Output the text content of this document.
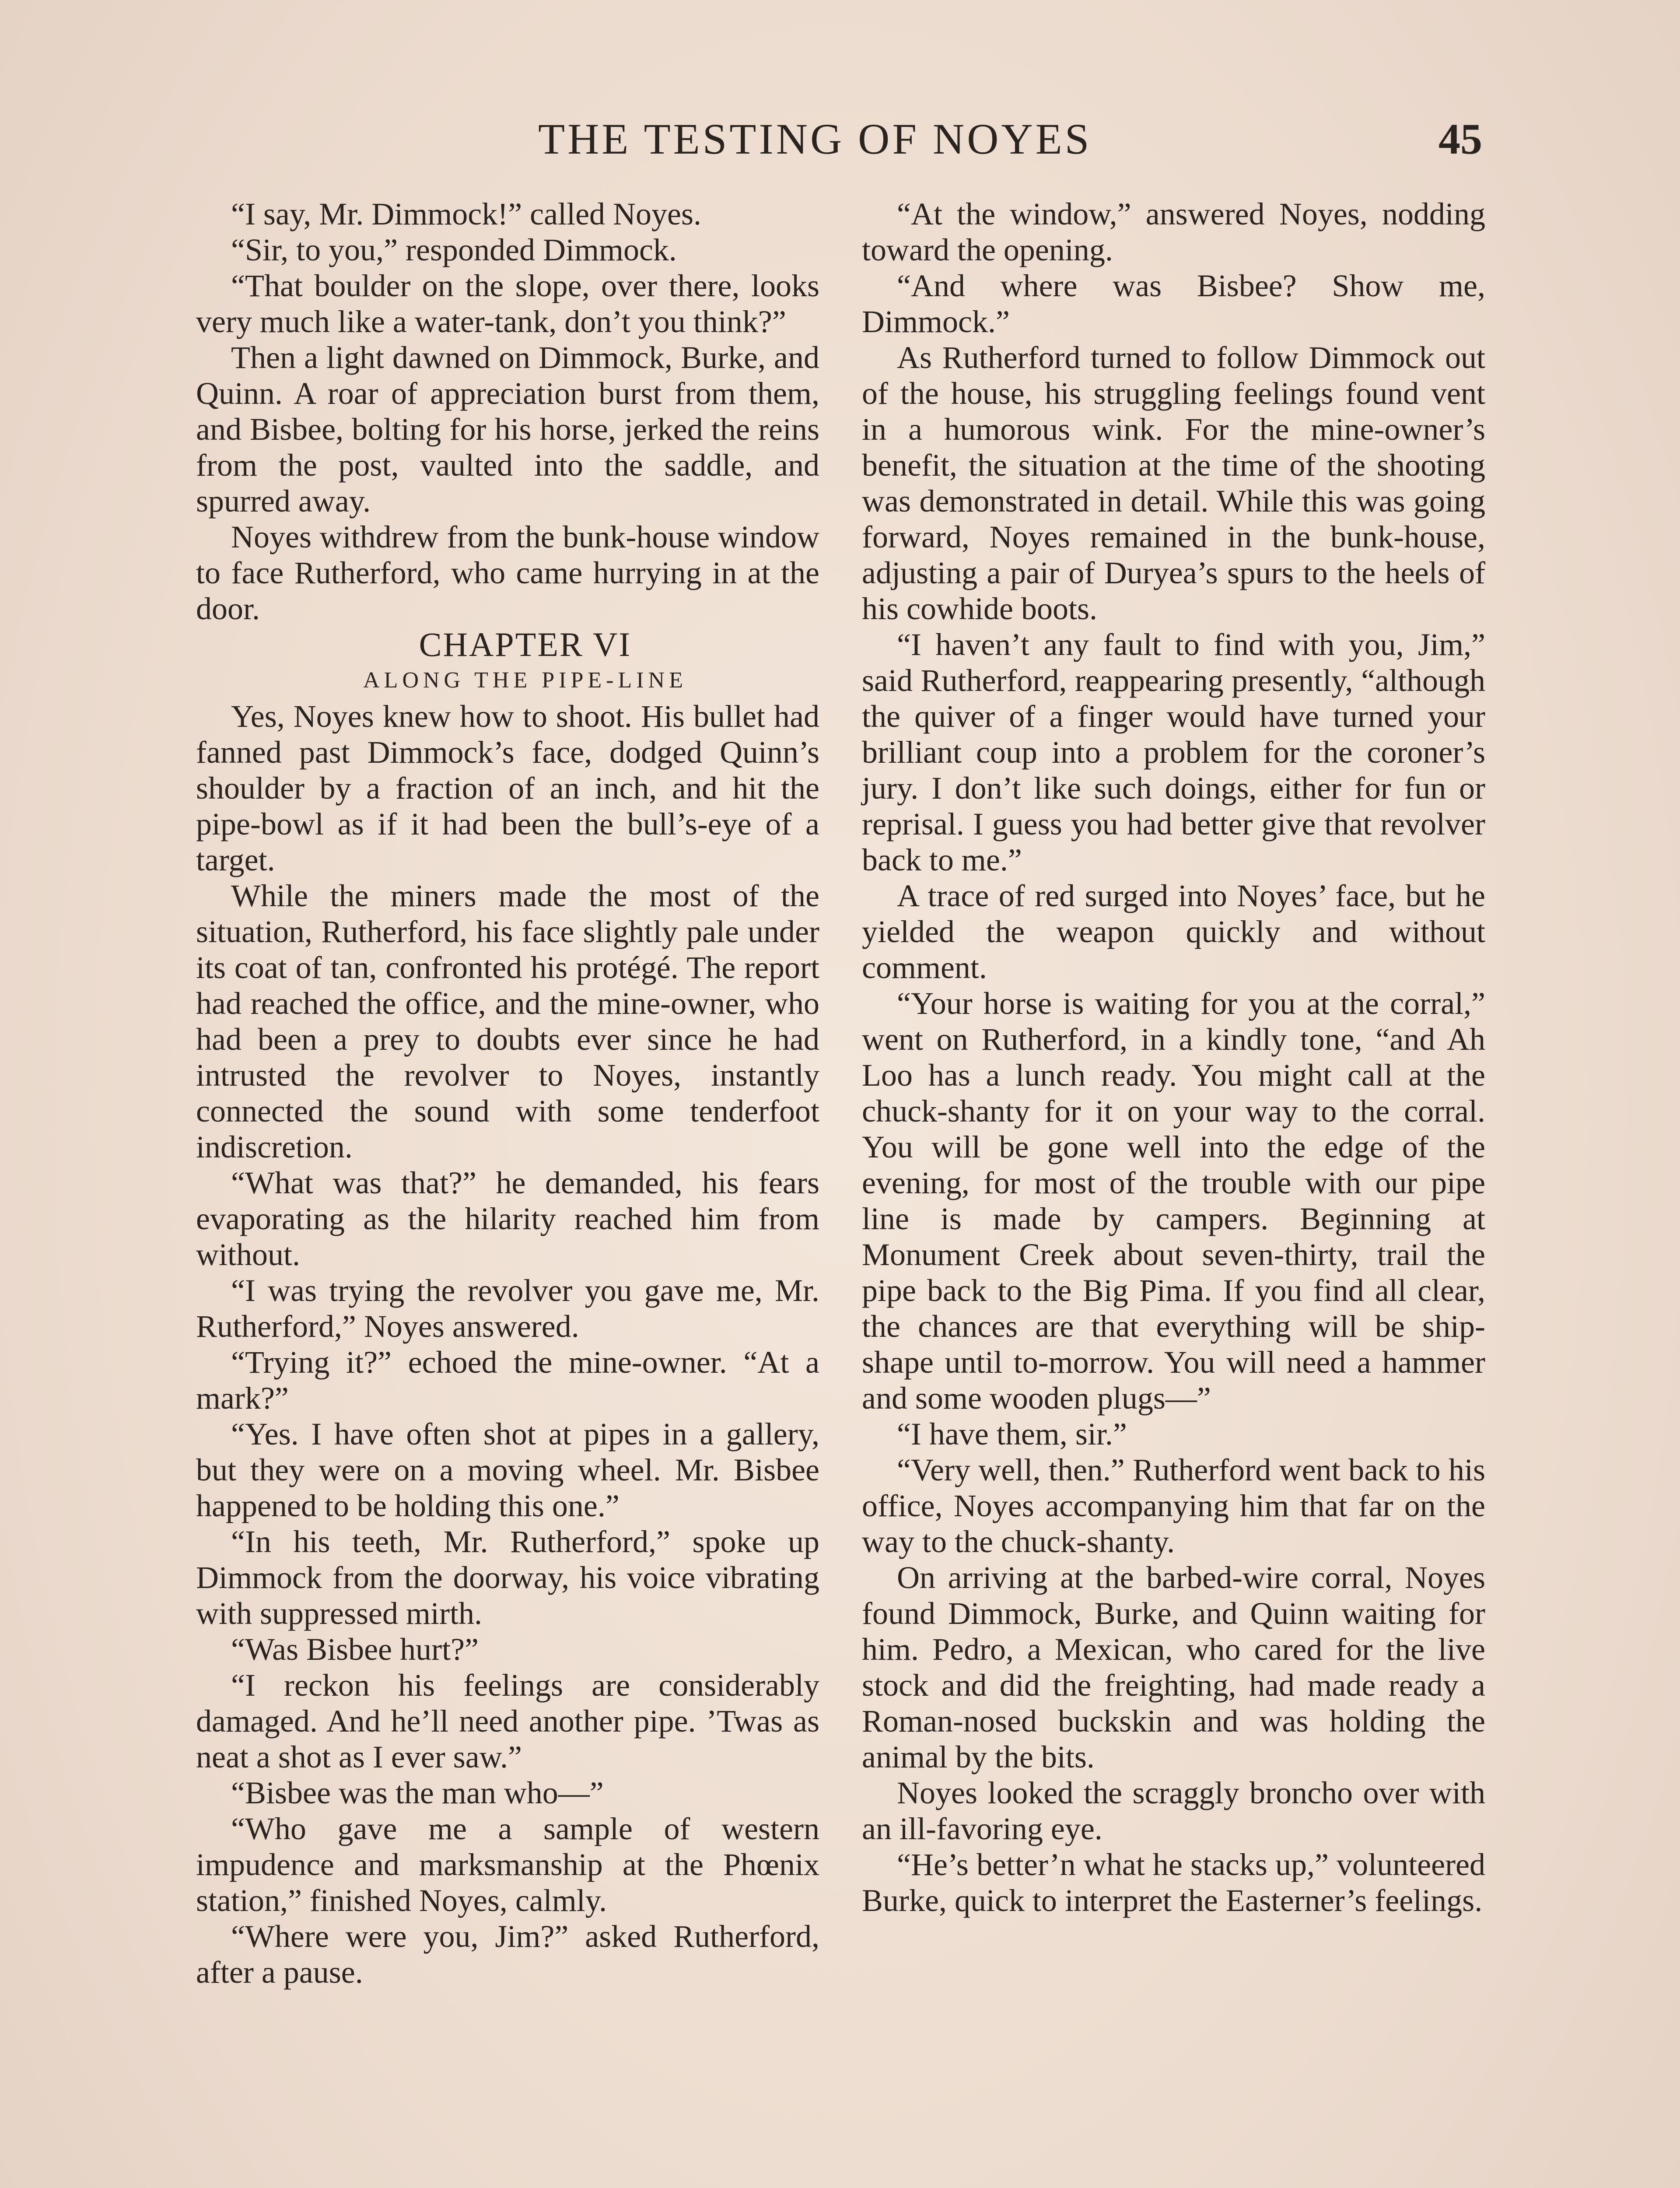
THE TESTING OF NOYES	45

“I say, Mr. Dimmock!” called Noyes.

“Sir, to you,” responded Dimmock.

“That boulder on the slope, over there, looks very much like a water-tank, don’t you think?”

Then a light dawned on Dimmock, Burke, and Quinn. A roar of appreciation burst from them, and Bisbee, bolting for his horse, jerked the reins from the post, vaulted into the saddle, and spurred away.

Noyes withdrew from the bunk-house window to face Rutherford, who came hurrying in at the door.

CHAPTER VI

ALONG THE PIPE-LINE

Yes, Noyes knew how to shoot. His bullet had fanned past Dimmock’s face, dodged Quinn’s shoulder by a fraction of an inch, and hit the pipe-bowl as if it had been the bull’s-eye of a target.

While the miners made the most of the situation, Rutherford, his face slightly pale under its coat of tan, confronted his protégé. The report had reached the office, and the mine-owner, who had been a prey to doubts ever since he had intrusted the revolver to Noyes, instantly connected the sound with some tenderfoot indiscretion.

“What was that?” he demanded, his fears evaporating as the hilarity reached him from without.

“I was trying the revolver you gave me, Mr. Rutherford,” Noyes answered.

“Trying it?” echoed the mine-owner. “At a mark?”

“Yes. I have often shot at pipes in a gallery, but they were on a moving wheel. Mr. Bisbee happened to be holding this one.”

“In his teeth, Mr. Rutherford,” spoke up Dimmock from the doorway, his voice vibrating with suppressed mirth.

“Was Bisbee hurt?”

“I reckon his feelings are considerably damaged. And he’ll need another pipe. ’Twas as neat a shot as I ever saw.”

“Bisbee was the man who—”

“Who gave me a sample of western impudence and marksmanship at the Phœnix station,” finished Noyes, calmly.

“Where were you, Jim?” asked Rutherford, after a pause.

“At the window,” answered Noyes, nodding toward the opening.

“And where was Bisbee? Show me, Dimmock.”

As Rutherford turned to follow Dimmock out of the house, his struggling feelings found vent in a humorous wink. For the mine-owner’s benefit, the situation at the time of the shooting was demonstrated in detail. While this was going forward, Noyes remained in the bunk-house, adjusting a pair of Duryea’s spurs to the heels of his cowhide boots.

“I haven’t any fault to find with you, Jim,” said Rutherford, reappearing presently, “although the quiver of a finger would have turned your brilliant coup into a problem for the coroner’s jury. I don’t like such doings, either for fun or reprisal. I guess you had better give that revolver back to me.”

A trace of red surged into Noyes’ face, but he yielded the weapon quickly and without comment.

“Your horse is waiting for you at the corral,” went on Rutherford, in a kindly tone, “and Ah Loo has a lunch ready. You might call at the chuck-shanty for it on your way to the corral. You will be gone well into the edge of the evening, for most of the trouble with our pipe line is made by campers. Beginning at Monument Creek about seven-thirty, trail the pipe back to the Big Pima. If you find all clear, the chances are that everything will be ship-shape until to-morrow. You will need a hammer and some wooden plugs—”

“I have them, sir.”

“Very well, then.” Rutherford went back to his office, Noyes accompanying him that far on the way to the chuck-shanty.

On arriving at the barbed-wire corral, Noyes found Dimmock, Burke, and Quinn waiting for him. Pedro, a Mexican, who cared for the live stock and did the freighting, had made ready a Roman-nosed buckskin and was holding the animal by the bits.

Noyes looked the scraggly broncho over with an ill-favoring eye.

“He’s better’n what he stacks up,” volunteered Burke, quick to interpret the Easterner’s feelings.
